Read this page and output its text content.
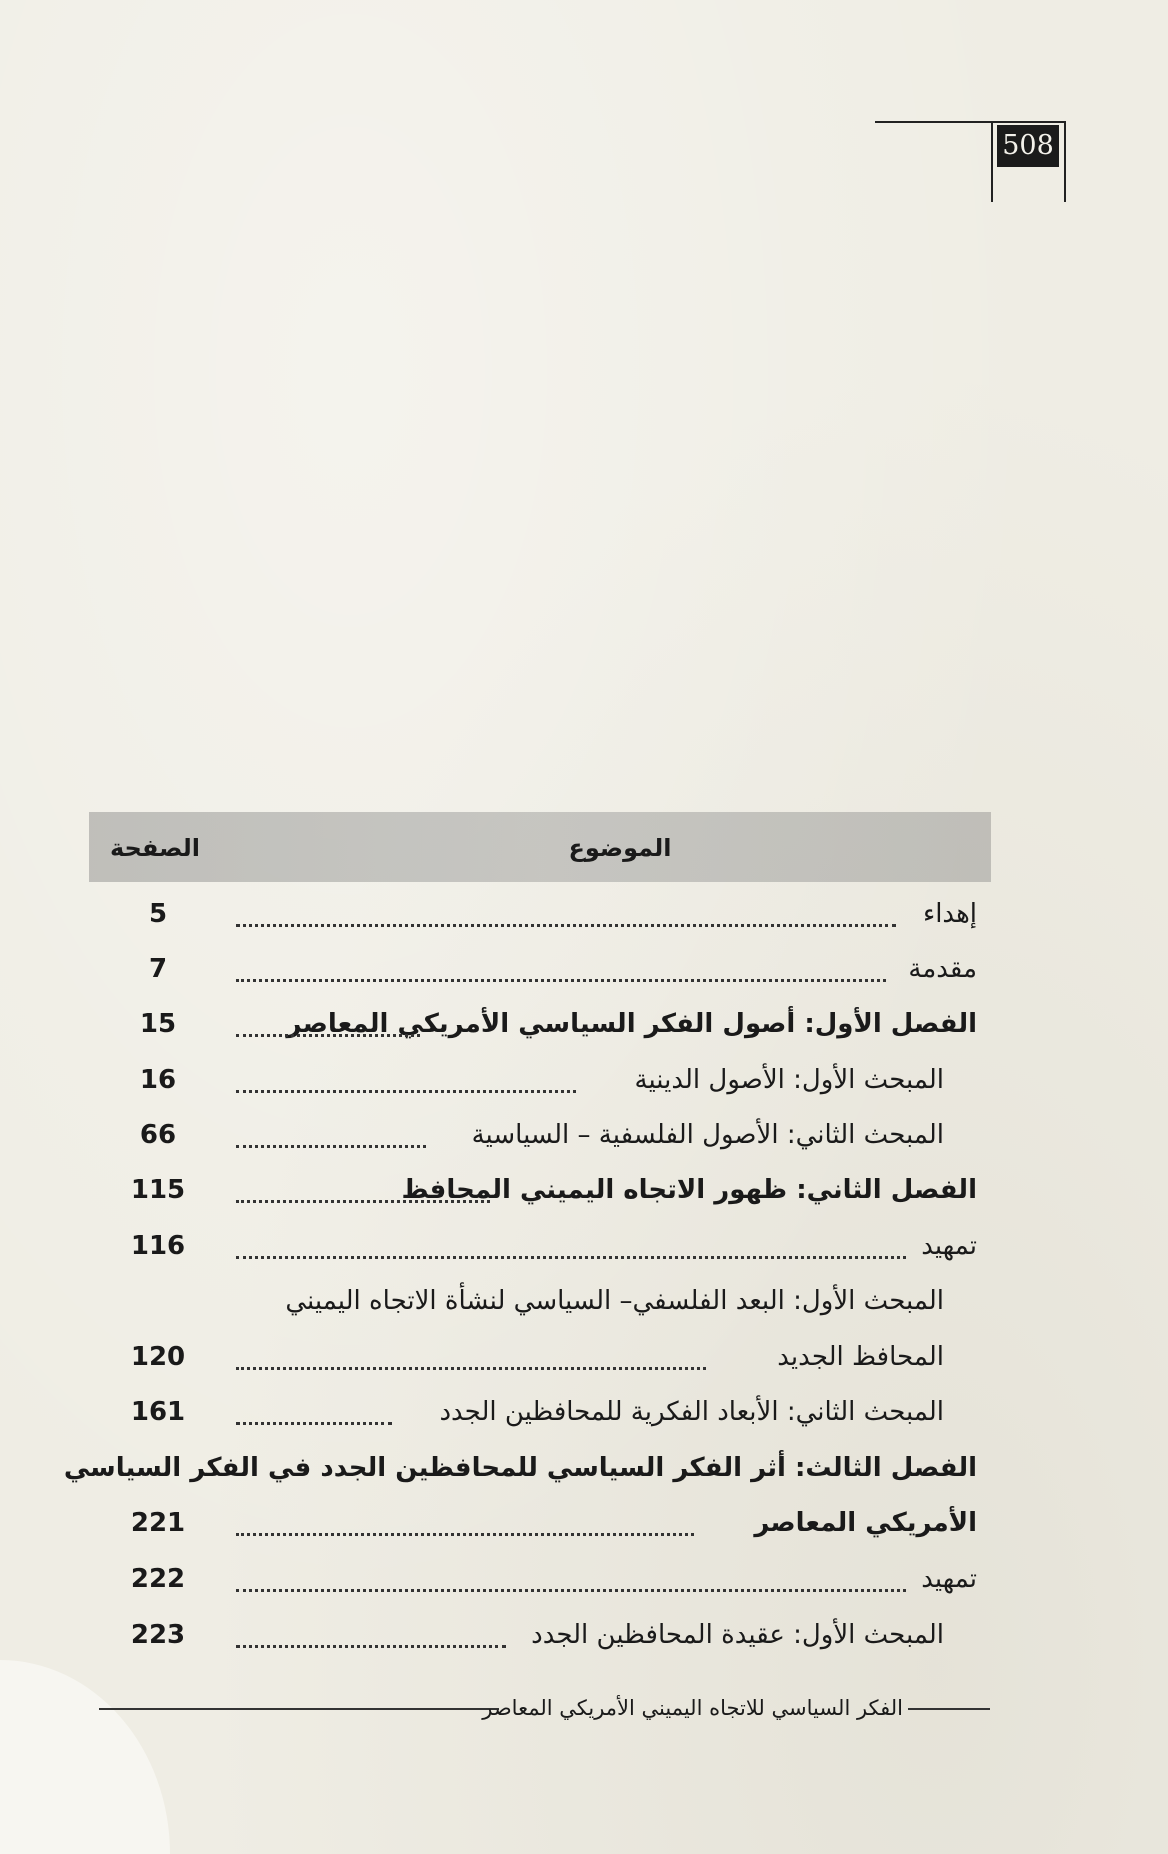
508
الموضوع
الصفحة
إهداء
5
مقدمة
7
الفصل الأول: أصول الفكر السياسي الأمريكي المعاصر
15
المبحث الأول: الأصول الدينية
16
المبحث الثاني: الأصول الفلسفية – السياسية
66
الفصل الثاني: ظهور الاتجاه اليميني المحافظ
115
تمهيد
116
المبحث الأول: البعد الفلسفي– السياسي لنشأة الاتجاه اليميني
المحافظ الجديد
120
المبحث الثاني: الأبعاد الفكرية للمحافظين الجدد
161
الفصل الثالث: أثر الفكر السياسي للمحافظين الجدد في الفكر السياسي
الأمريكي المعاصر
221
تمهيد
222
المبحث الأول: عقيدة المحافظين الجدد
223
الفكر السياسي للاتجاه اليميني الأمريكي المعاصر
